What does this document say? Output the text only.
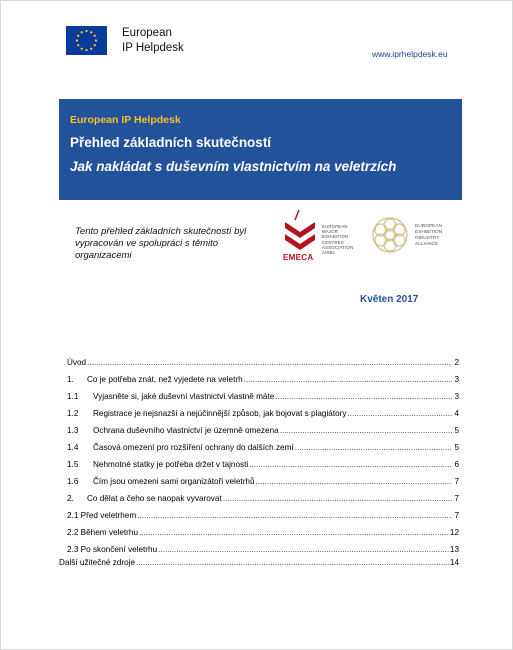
European
IP Helpdesk	www.iprhelpdesk.eu
European IP Helpdesk
Přehled základních skutečností
Jak nakládat s duševním vlastnictvím na veletrzích
Tento přehled základních skutečností byl
vypracován ve spolupráci s těmito
organizacemi
EUROPEAN
MAJOR
EXHIBITION
CENTRES
ASSOCIATION
AISBL
EMECA
EUROPEAN
EXHIBITION
INDUSTRY
ALLIANCE
Květen 2017
Úvod .....	2
1.	Co je potřeba znát, než vyjedete na veletrh .....	3
1.1	Vyjasněte si, jaké duševní vlastnictví vlastně máte .....	3
1.2	Registrace je nejsnazší a nejúčinnější způsob, jak bojovat s plagiátory .....	4
1.3	Ochrana duševního vlastnictví je územně omezena .....	5
1.4	Časová omezení pro rozšíření ochrany do dalších zemí .....	5
1.5	Nehmotné statky je potřeba držet v tajnosti .....	6
1.6	Čím jsou omezeni sami organizátoři veletrhů .....	7
2.	Co dělat a čeho se naopak vyvarovat .....	7
2.1 Před veletrhem .....	7
2.2 Během veletrhu .....	12
2.3 Po skončení veletrhu .....	13
Další užitečné zdroje .....	14
